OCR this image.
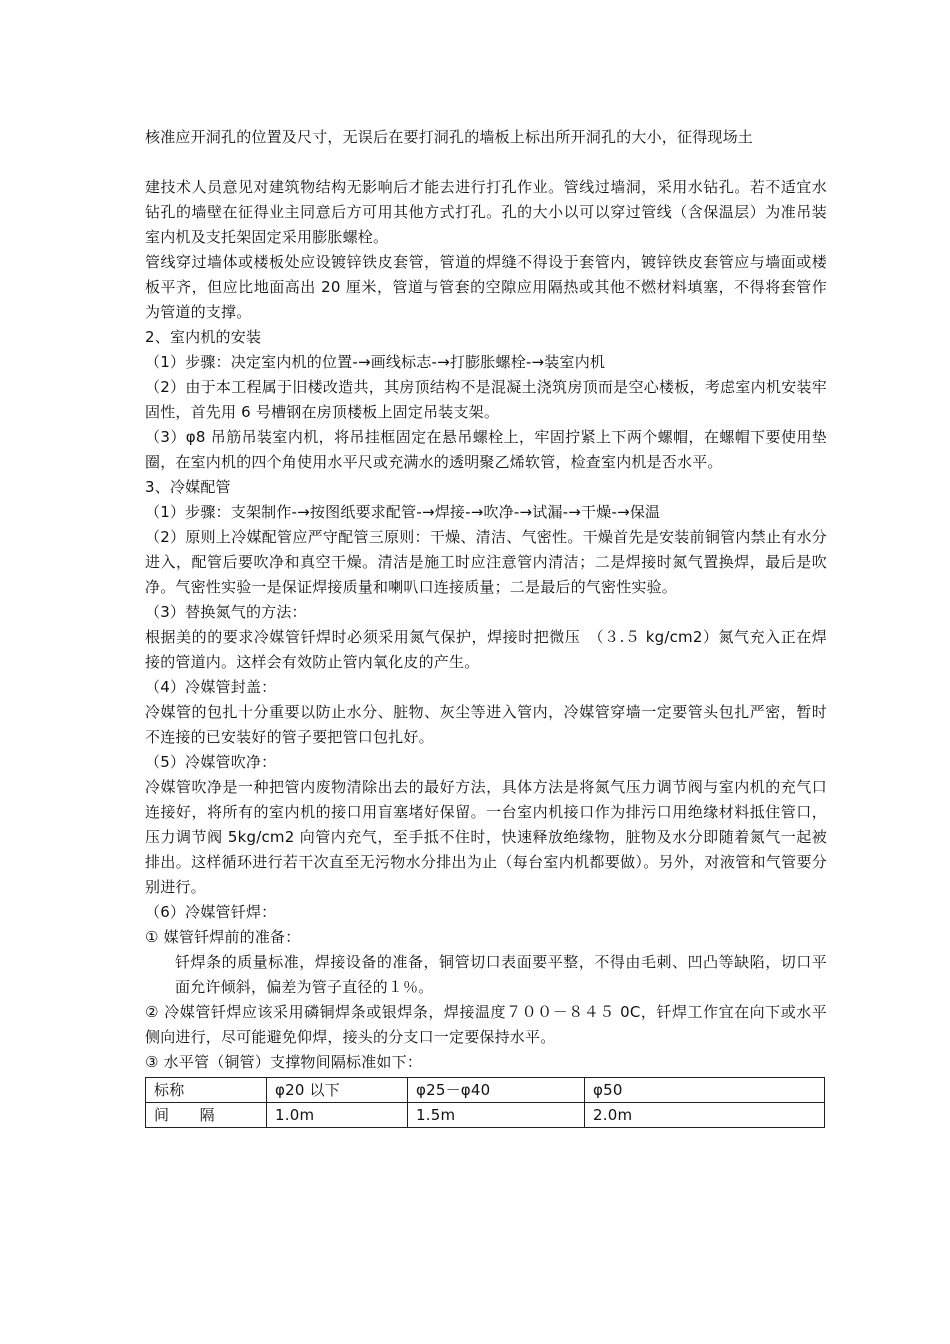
核准应开洞孔的位置及尺寸，无误后在要打洞孔的墙板上标出所开洞孔的大小，征得现场土

建技术人员意见对建筑物结构无影响后才能去进行打孔作业。管线过墙洞，采用水钻孔。若不适宜水钻孔的墙壁在征得业主同意后方可用其他方式打孔。孔的大小以可以穿过管线（含保温层）为准吊装室内机及支托架固定采用膨胀螺栓。

管线穿过墙体或楼板处应设镀锌铁皮套管，管道的焊缝不得设于套管内，镀锌铁皮套管应与墙面或楼板平齐，但应比地面高出 20 厘米，管道与管套的空隙应用隔热或其他不燃材料填塞，不得将套管作为管道的支撑。

2、室内机的安装

（1）步骤：决定室内机的位置-→画线标志-→打膨胀螺栓-→装室内机

（2）由于本工程属于旧楼改造共，其房顶结构不是混凝土浇筑房顶而是空心楼板，考虑室内机安装牢固性，首先用 6 号槽钢在房顶楼板上固定吊装支架。

（3）φ8 吊筋吊装室内机，将吊挂框固定在悬吊螺栓上，牢固拧紧上下两个螺帽，在螺帽下要使用垫圈，在室内机的四个角使用水平尺或充满水的透明聚乙烯软管，检查室内机是否水平。

3、冷媒配管

（1）步骤：支架制作-→按图纸要求配管-→焊接-→吹净-→试漏-→干燥-→保温

（2）原则上冷媒配管应严守配管三原则：干燥、清洁、气密性。干燥首先是安装前铜管内禁止有水分进入，配管后要吹净和真空干燥。清洁是施工时应注意管内清洁；二是焊接时氮气置换焊，最后是吹净。气密性实验一是保证焊接质量和喇叭口连接质量；二是最后的气密性实验。

（3）替换氮气的方法：

根据美的的要求冷媒管钎焊时必须采用氮气保护，焊接时把微压　（３.５ kg/cm2）氮气充入正在焊接的管道内。这样会有效防止管内氧化皮的产生。

（4）冷媒管封盖：

冷媒管的包扎十分重要以防止水分、脏物、灰尘等进入管内，冷媒管穿墙一定要管头包扎严密，暂时不连接的已安装好的管子要把管口包扎好。

（5）冷媒管吹净：

冷媒管吹净是一种把管内废物清除出去的最好方法，具体方法是将氮气压力调节阀与室内机的充气口连接好，将所有的室内机的接口用盲塞堵好保留。一台室内机接口作为排污口用绝缘材料抵住管口，压力调节阀 5kg/cm2 向管内充气，至手抵不住时，快速释放绝缘物，脏物及水分即随着氮气一起被排出。这样循环进行若干次直至无污物水分排出为止（每台室内机都要做）。另外，对液管和气管要分别进行。

（6）冷媒管钎焊：

① 媒管钎焊前的准备：

钎焊条的质量标准，焊接设备的准备，铜管切口表面要平整，不得由毛刺、凹凸等缺陷，切口平面允许倾斜，偏差为管子直径的１％。

② 冷媒管钎焊应该采用磷铜焊条或银焊条，焊接温度７００－８４５ 0C，钎焊工作宜在向下或水平侧向进行，尽可能避免仰焊，接头的分支口一定要保持水平。

③ 水平管（铜管）支撑物间隔标准如下：

标称	φ20 以下	φ25－φ40	φ50
间　　隔	1.0m	1.5m	2.0m
